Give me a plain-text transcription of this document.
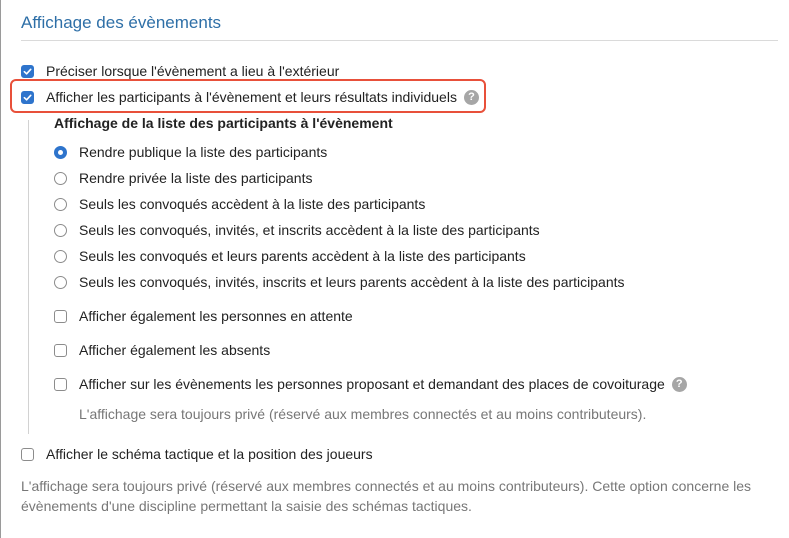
Affichage des évènements
Préciser lorsque l'évènement a lieu à l'extérieur
Afficher les participants à l'évènement et leurs résultats individuels	?
Affichage de la liste des participants à l'évènement
Rendre publique la liste des participants
Rendre privée la liste des participants
Seuls les convoqués accèdent à la liste des participants
Seuls les convoqués, invités, et inscrits accèdent à la liste des participants
Seuls les convoqués et leurs parents accèdent à la liste des participants
Seuls les convoqués, invités, inscrits et leurs parents accèdent à la liste des participants
Afficher également les personnes en attente
Afficher également les absents
Afficher sur les évènements les personnes proposant et demandant des places de covoiturage	?
L'affichage sera toujours privé (réservé aux membres connectés et au moins contributeurs).
Afficher le schéma tactique et la position des joueurs
L'affichage sera toujours privé (réservé aux membres connectés et au moins contributeurs). Cette option concerne les
évènements d'une discipline permettant la saisie des schémas tactiques.
